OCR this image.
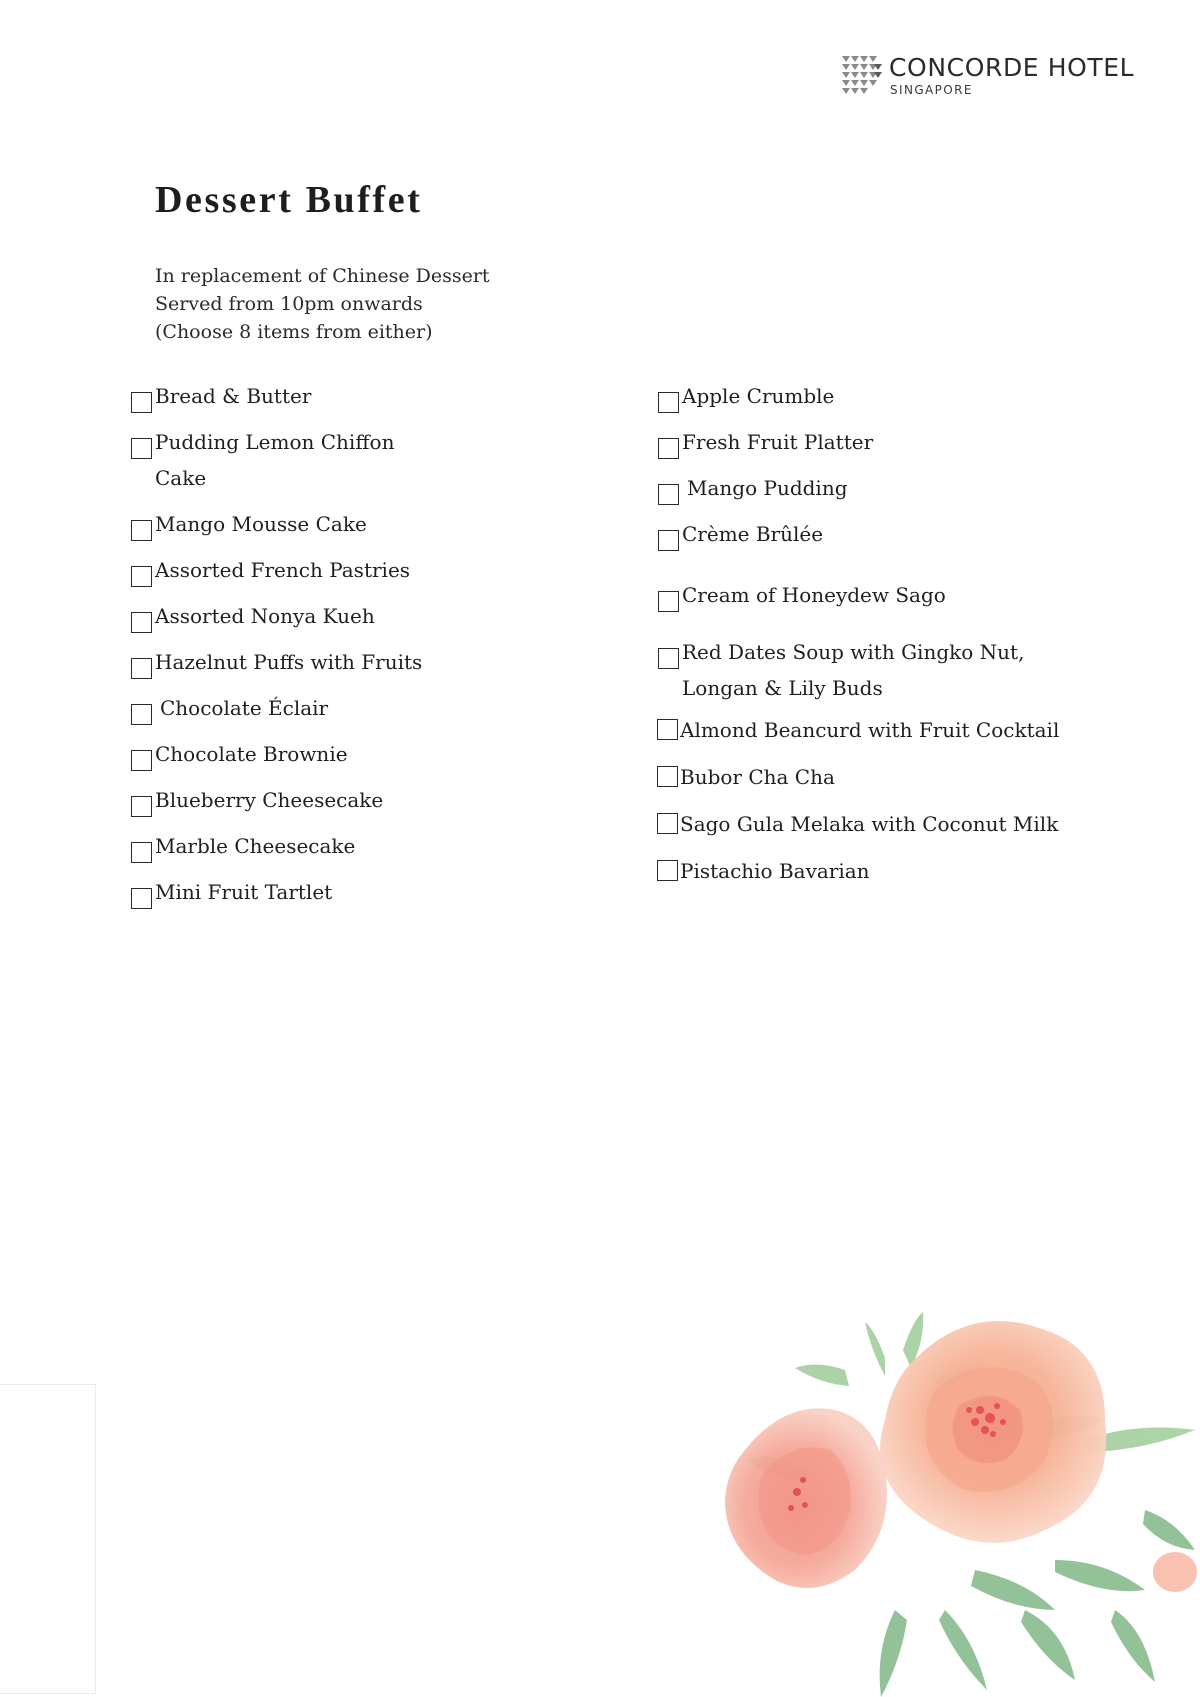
CONCORDE HOTEL
SINGAPORE
Dessert Buffet
In replacement of Chinese Dessert
Served from 10pm onwards
(Choose 8 items from either)
Bread & Butter
Pudding Lemon Chiffon
Cake
Mango Mousse Cake
Assorted French Pastries
Assorted Nonya Kueh
Hazelnut Puffs with Fruits
Chocolate Éclair
Chocolate Brownie
Blueberry Cheesecake
Marble Cheesecake
Mini Fruit Tartlet
Apple Crumble
Fresh Fruit Platter
Mango Pudding
Crème Brûlée
Cream of Honeydew Sago
Red Dates Soup with Gingko Nut,
Longan & Lily Buds
Almond Beancurd with Fruit Cocktail
Bubor Cha Cha
Sago Gula Melaka with Coconut Milk
Pistachio Bavarian
